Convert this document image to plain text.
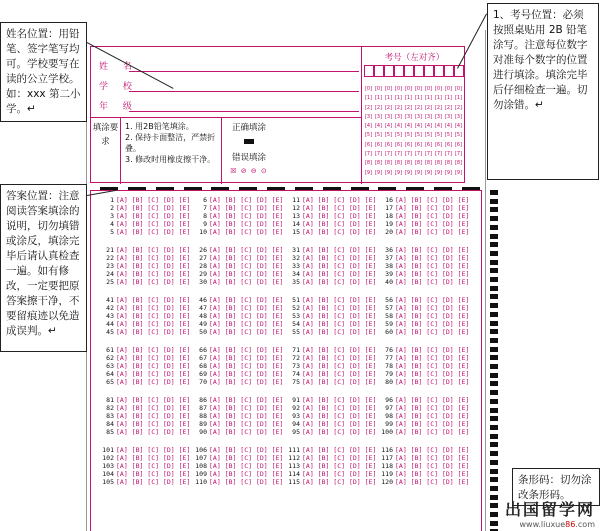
姓 名
学 校
年 级
填涂要求
1. 用2B铅笔填涂。
2. 保持卡面整洁，严禁折叠。
3. 修改时用橡皮擦干净。
正确填涂
错误填涂
☒ ⊘ ⊖ ⊙
考号（左对齐）
[0]
[1]
[2]
[3]
[4]
[5]
[6]
[7]
[8]
[9]
[0]
[1]
[2]
[3]
[4]
[5]
[6]
[7]
[8]
[9]
[0]
[1]
[2]
[3]
[4]
[5]
[6]
[7]
[8]
[9]
[0]
[1]
[2]
[3]
[4]
[5]
[6]
[7]
[8]
[9]
[0]
[1]
[2]
[3]
[4]
[5]
[6]
[7]
[8]
[9]
[0]
[1]
[2]
[3]
[4]
[5]
[6]
[7]
[8]
[9]
[0]
[1]
[2]
[3]
[4]
[5]
[6]
[7]
[8]
[9]
[0]
[1]
[2]
[3]
[4]
[5]
[6]
[7]
[8]
[9]
[0]
[1]
[2]
[3]
[4]
[5]
[6]
[7]
[8]
[9]
[0]
[1]
[2]
[3]
[4]
[5]
[6]
[7]
[8]
[9]
1 [A] [B] [C] [D] [E]
2 [A] [B] [C] [D] [E]
3 [A] [B] [C] [D] [E]
4 [A] [B] [C] [D] [E]
5 [A] [B] [C] [D] [E]
21 [A] [B] [C] [D] [E]
22 [A] [B] [C] [D] [E]
23 [A] [B] [C] [D] [E]
24 [A] [B] [C] [D] [E]
25 [A] [B] [C] [D] [E]
41 [A] [B] [C] [D] [E]
42 [A] [B] [C] [D] [E]
43 [A] [B] [C] [D] [E]
44 [A] [B] [C] [D] [E]
45 [A] [B] [C] [D] [E]
61 [A] [B] [C] [D] [E]
62 [A] [B] [C] [D] [E]
63 [A] [B] [C] [D] [E]
64 [A] [B] [C] [D] [E]
65 [A] [B] [C] [D] [E]
81 [A] [B] [C] [D] [E]
82 [A] [B] [C] [D] [E]
83 [A] [B] [C] [D] [E]
84 [A] [B] [C] [D] [E]
85 [A] [B] [C] [D] [E]
101 [A] [B] [C] [D] [E]
102 [A] [B] [C] [D] [E]
103 [A] [B] [C] [D] [E]
104 [A] [B] [C] [D] [E]
105 [A] [B] [C] [D] [E]
6 [A] [B] [C] [D] [E]
7 [A] [B] [C] [D] [E]
8 [A] [B] [C] [D] [E]
9 [A] [B] [C] [D] [E]
10 [A] [B] [C] [D] [E]
26 [A] [B] [C] [D] [E]
27 [A] [B] [C] [D] [E]
28 [A] [B] [C] [D] [E]
29 [A] [B] [C] [D] [E]
30 [A] [B] [C] [D] [E]
46 [A] [B] [C] [D] [E]
47 [A] [B] [C] [D] [E]
48 [A] [B] [C] [D] [E]
49 [A] [B] [C] [D] [E]
50 [A] [B] [C] [D] [E]
66 [A] [B] [C] [D] [E]
67 [A] [B] [C] [D] [E]
68 [A] [B] [C] [D] [E]
69 [A] [B] [C] [D] [E]
70 [A] [B] [C] [D] [E]
86 [A] [B] [C] [D] [E]
87 [A] [B] [C] [D] [E]
88 [A] [B] [C] [D] [E]
89 [A] [B] [C] [D] [E]
90 [A] [B] [C] [D] [E]
106 [A] [B] [C] [D] [E]
107 [A] [B] [C] [D] [E]
108 [A] [B] [C] [D] [E]
109 [A] [B] [C] [D] [E]
110 [A] [B] [C] [D] [E]
11 [A] [B] [C] [D] [E]
12 [A] [B] [C] [D] [E]
13 [A] [B] [C] [D] [E]
14 [A] [B] [C] [D] [E]
15 [A] [B] [C] [D] [E]
31 [A] [B] [C] [D] [E]
32 [A] [B] [C] [D] [E]
33 [A] [B] [C] [D] [E]
34 [A] [B] [C] [D] [E]
35 [A] [B] [C] [D] [E]
51 [A] [B] [C] [D] [E]
52 [A] [B] [C] [D] [E]
53 [A] [B] [C] [D] [E]
54 [A] [B] [C] [D] [E]
55 [A] [B] [C] [D] [E]
71 [A] [B] [C] [D] [E]
72 [A] [B] [C] [D] [E]
73 [A] [B] [C] [D] [E]
74 [A] [B] [C] [D] [E]
75 [A] [B] [C] [D] [E]
91 [A] [B] [C] [D] [E]
92 [A] [B] [C] [D] [E]
93 [A] [B] [C] [D] [E]
94 [A] [B] [C] [D] [E]
95 [A] [B] [C] [D] [E]
111 [A] [B] [C] [D] [E]
112 [A] [B] [C] [D] [E]
113 [A] [B] [C] [D] [E]
114 [A] [B] [C] [D] [E]
115 [A] [B] [C] [D] [E]
16 [A] [B] [C] [D] [E]
17 [A] [B] [C] [D] [E]
18 [A] [B] [C] [D] [E]
19 [A] [B] [C] [D] [E]
20 [A] [B] [C] [D] [E]
36 [A] [B] [C] [D] [E]
37 [A] [B] [C] [D] [E]
38 [A] [B] [C] [D] [E]
39 [A] [B] [C] [D] [E]
40 [A] [B] [C] [D] [E]
56 [A] [B] [C] [D] [E]
57 [A] [B] [C] [D] [E]
58 [A] [B] [C] [D] [E]
59 [A] [B] [C] [D] [E]
60 [A] [B] [C] [D] [E]
76 [A] [B] [C] [D] [E]
77 [A] [B] [C] [D] [E]
78 [A] [B] [C] [D] [E]
79 [A] [B] [C] [D] [E]
80 [A] [B] [C] [D] [E]
96 [A] [B] [C] [D] [E]
97 [A] [B] [C] [D] [E]
98 [A] [B] [C] [D] [E]
99 [A] [B] [C] [D] [E]
100 [A] [B] [C] [D] [E]
116 [A] [B] [C] [D] [E]
117 [A] [B] [C] [D] [E]
118 [A] [B] [C] [D] [E]
119 [A] [B] [C] [D] [E]
120 [A] [B] [C] [D] [E]
姓名位置：用铅笔、签字笔写均可。学校要写在读的公立学校。如：xxx 第二小学。↵
1、考号位置：必须按照桌贴用 2B 铅笔涂写。注意每位数字对准每个数字的位置进行填涂。填涂完毕后仔细检查一遍。切勿涂错。↵
答案位置：注意阅读答案填涂的说明，切勿填错或涂反，填涂完毕后请认真检查一遍。如有修改，一定要把原答案擦干净，不要留痕迹以免造成误判。↵
条形码：切勿涂改条形码。
出国留学网
www.liuxue86.com
